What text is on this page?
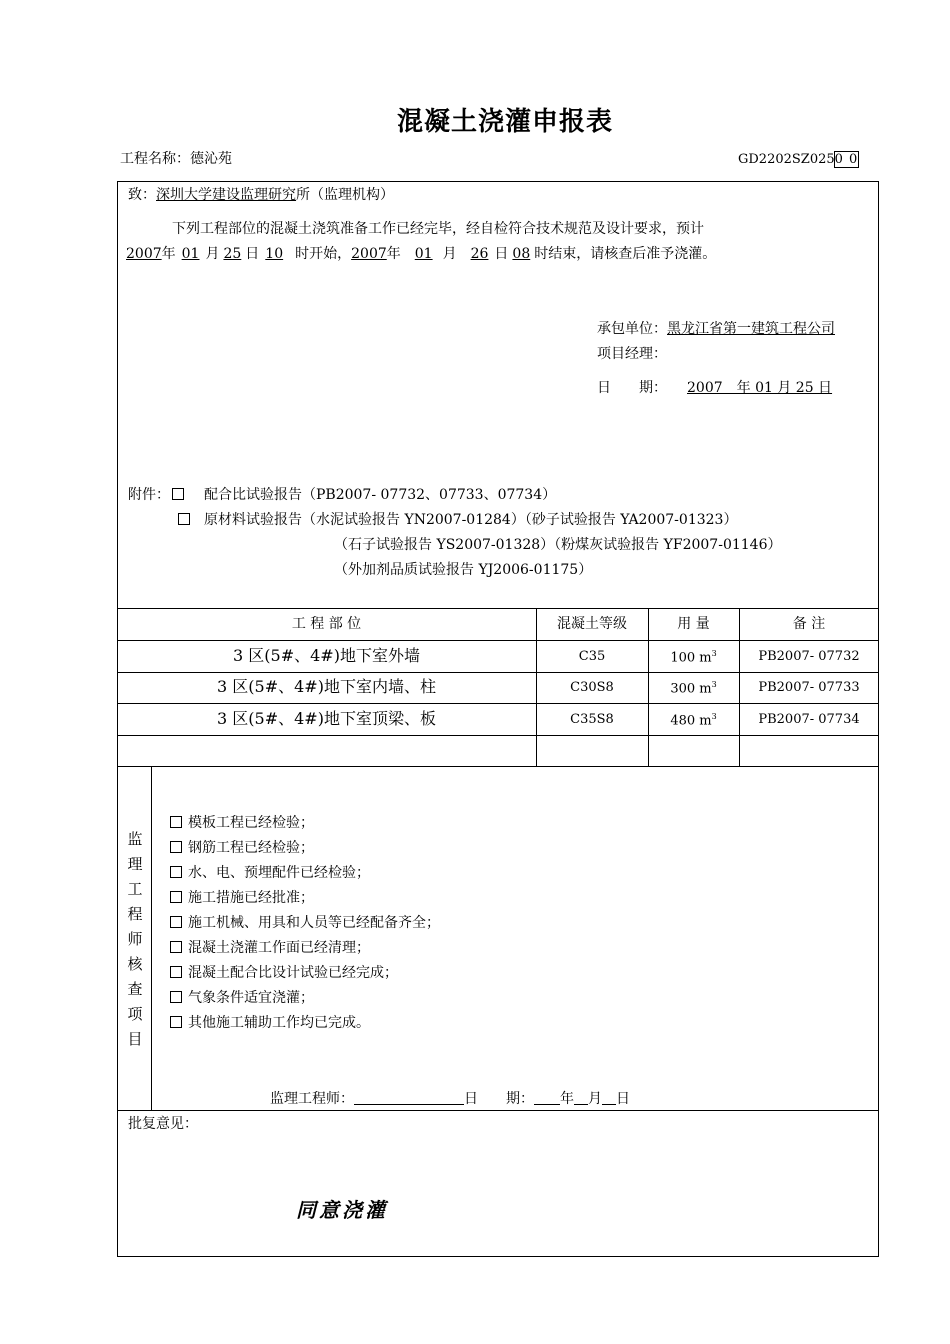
混凝土浇灌申报表
工程名称：德沁苑	GD2202SZ0250 0
致：深圳大学建设监理研究所（监理机构）
下列工程部位的混凝土浇筑准备工作已经完毕，经自检符合技术规范及设计要求，预计
2007年 01 月 25 日 10 时开始，2007年 01 月 26 日 08 时结束，请核查后准予浇灌。
承包单位：黑龙江省第一建筑工程公司
项目经理：
日　　期： 2007　年 01 月 25 日
附件： 配合比试验报告（PB2007- 07732、07733、07734）
原材料试验报告（水泥试验报告 YN2007-01284）（砂子试验报告 YA2007-01323）
（石子试验报告 YS2007-01328）（粉煤灰试验报告 YF2007-01146）
（外加剂品质试验报告 YJ2006-01175）
工 程 部 位	混凝土等级	用 量	备 注
3 区(5#、4#)地下室外墙	C35	100 $m^3$	PB2007- 07732
3 区(5#、4#)地下室内墙、柱	C30S8	300 $m^3$	PB2007- 07733
3 区(5#、4#)地下室顶梁、板	C35S8	480 $m^3$	PB2007- 07734
监
理
工
程
师
核
查
项
目
模板工程已经检验；
钢筋工程已经检验；
水、电、预埋配件已经检验；
施工措施已经批准；
施工机械、用具和人员等已经配备齐全；
混凝土浇灌工作面已经清理；
混凝土配合比设计试验已经完成；
气象条件适宜浇灌；
其他施工辅助工作均已完成。
监理工程师：	日　　期： 年 月 日
批复意见：
同意浇灌
